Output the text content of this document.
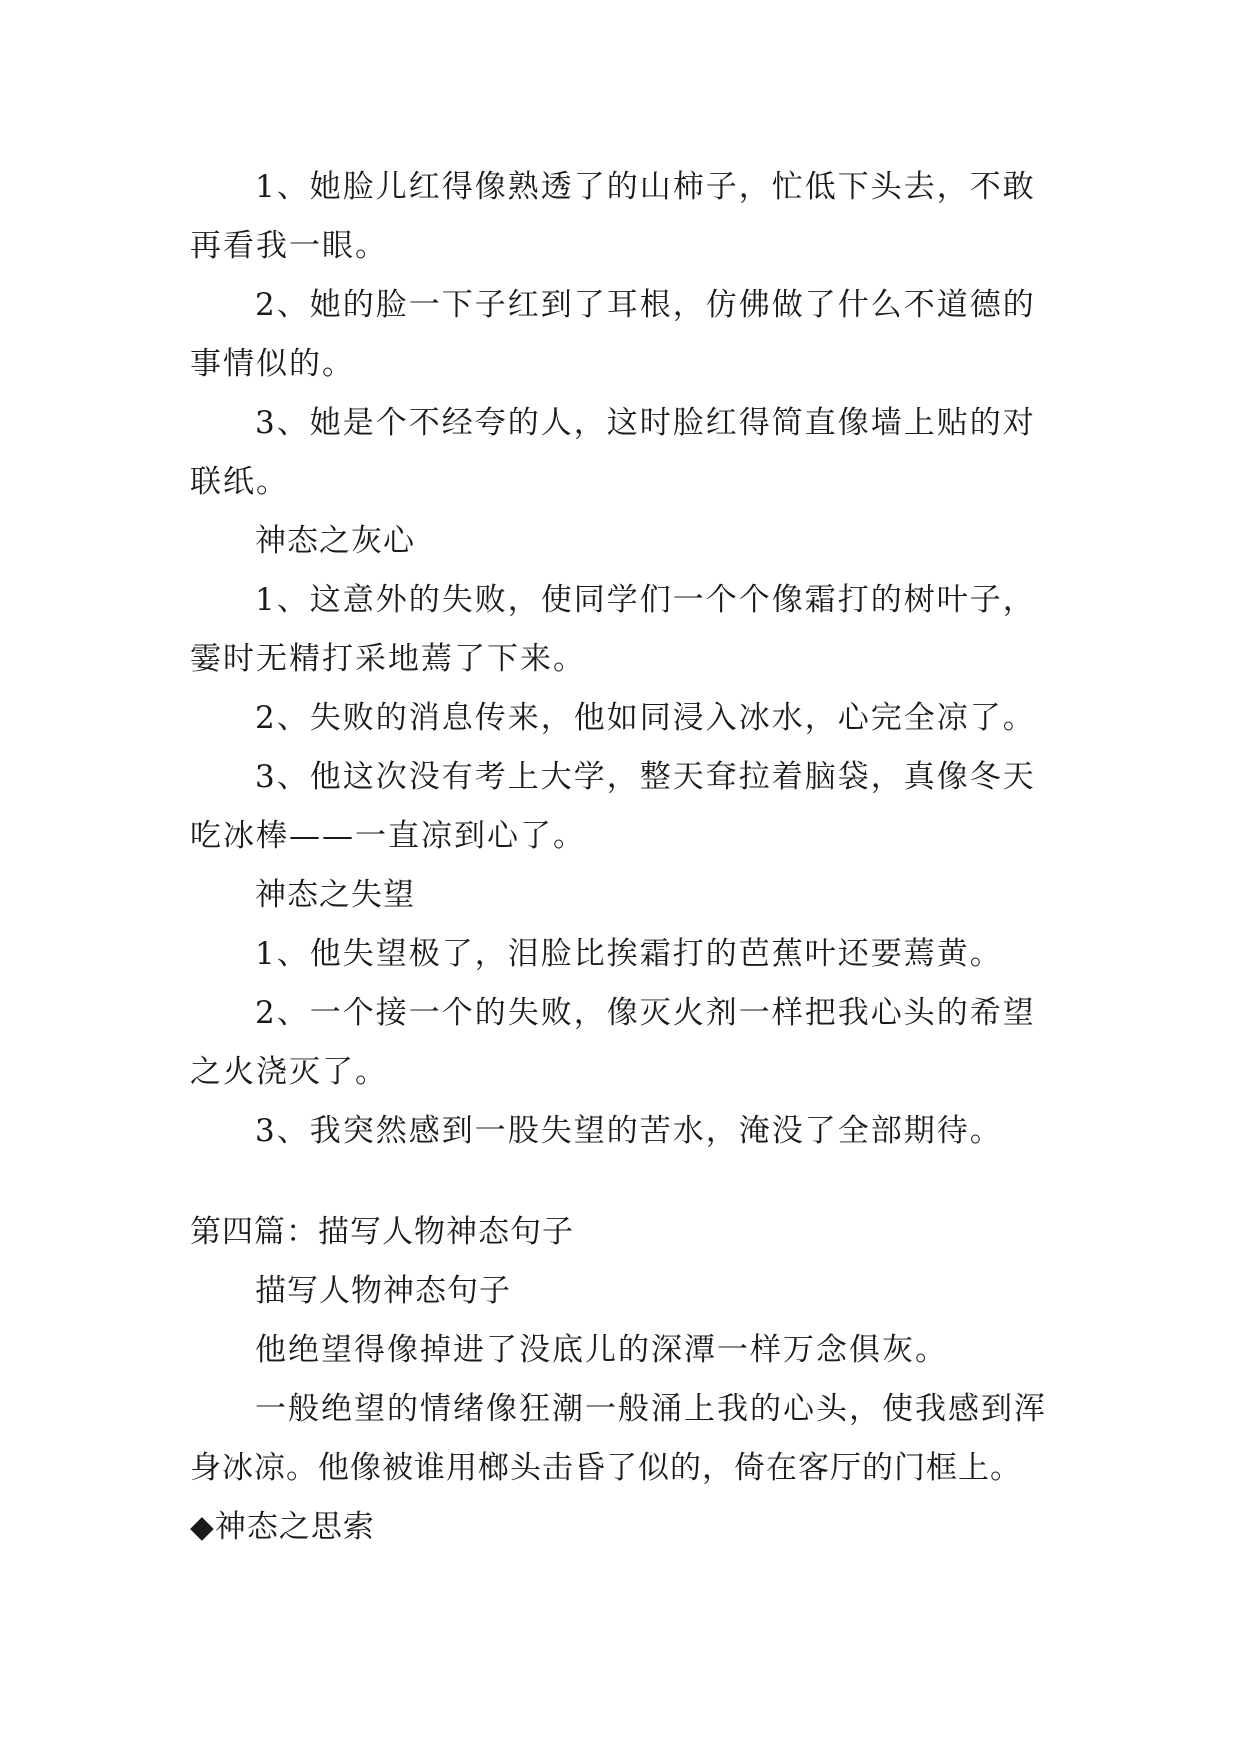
1、她脸儿红得像熟透了的山柿子，忙低下头去，不敢
再看我一眼。
2、她的脸一下子红到了耳根，仿佛做了什么不道德的
事情似的。
3、她是个不经夸的人，这时脸红得简直像墙上贴的对
联纸。
神态之灰心
1、这意外的失败，使同学们一个个像霜打的树叶子，
霎时无精打采地蔫了下来。
2、失败的消息传来，他如同浸入冰水，心完全凉了。
3、他这次没有考上大学，整天耷拉着脑袋，真像冬天
吃冰棒——一直凉到心了。
神态之失望
1、他失望极了，泪脸比挨霜打的芭蕉叶还要蔫黄。
2、一个接一个的失败，像灭火剂一样把我心头的希望
之火浇灭了。
3、我突然感到一股失望的苦水，淹没了全部期待。
第四篇：描写人物神态句子
描写人物神态句子
他绝望得像掉进了没底儿的深潭一样万念俱灰。
一般绝望的情绪像狂潮一般涌上我的心头，使我感到浑
身冰凉。他像被谁用榔头击昏了似的，倚在客厅的门框上。
◆神态之思索
